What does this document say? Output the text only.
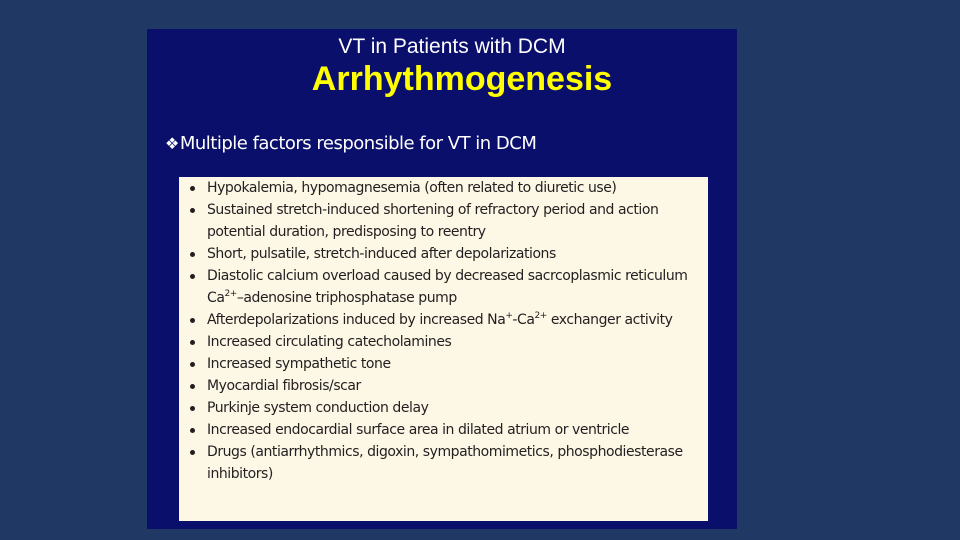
VT in Patients with DCM
Arrhythmogenesis
❖Multiple factors responsible for VT in DCM
Hypokalemia, hypomagnesemia (often related to diuretic use)
Sustained stretch-induced shortening of refractory period and action potential duration, predisposing to reentry
Short, pulsatile, stretch-induced after depolarizations
Diastolic calcium overload caused by decreased sacrcoplasmic reticulum $Ca^{2+}$–adenosine triphosphatase pump
Afterdepolarizations induced by increased $Na^+-Ca^{2+}$ exchanger activity
Increased circulating catecholamines
Increased sympathetic tone
Myocardial fibrosis/scar
Purkinje system conduction delay
Increased endocardial surface area in dilated atrium or ventricle
Drugs (antiarrhythmics, digoxin, sympathomimetics, phosphodiesterase inhibitors)
